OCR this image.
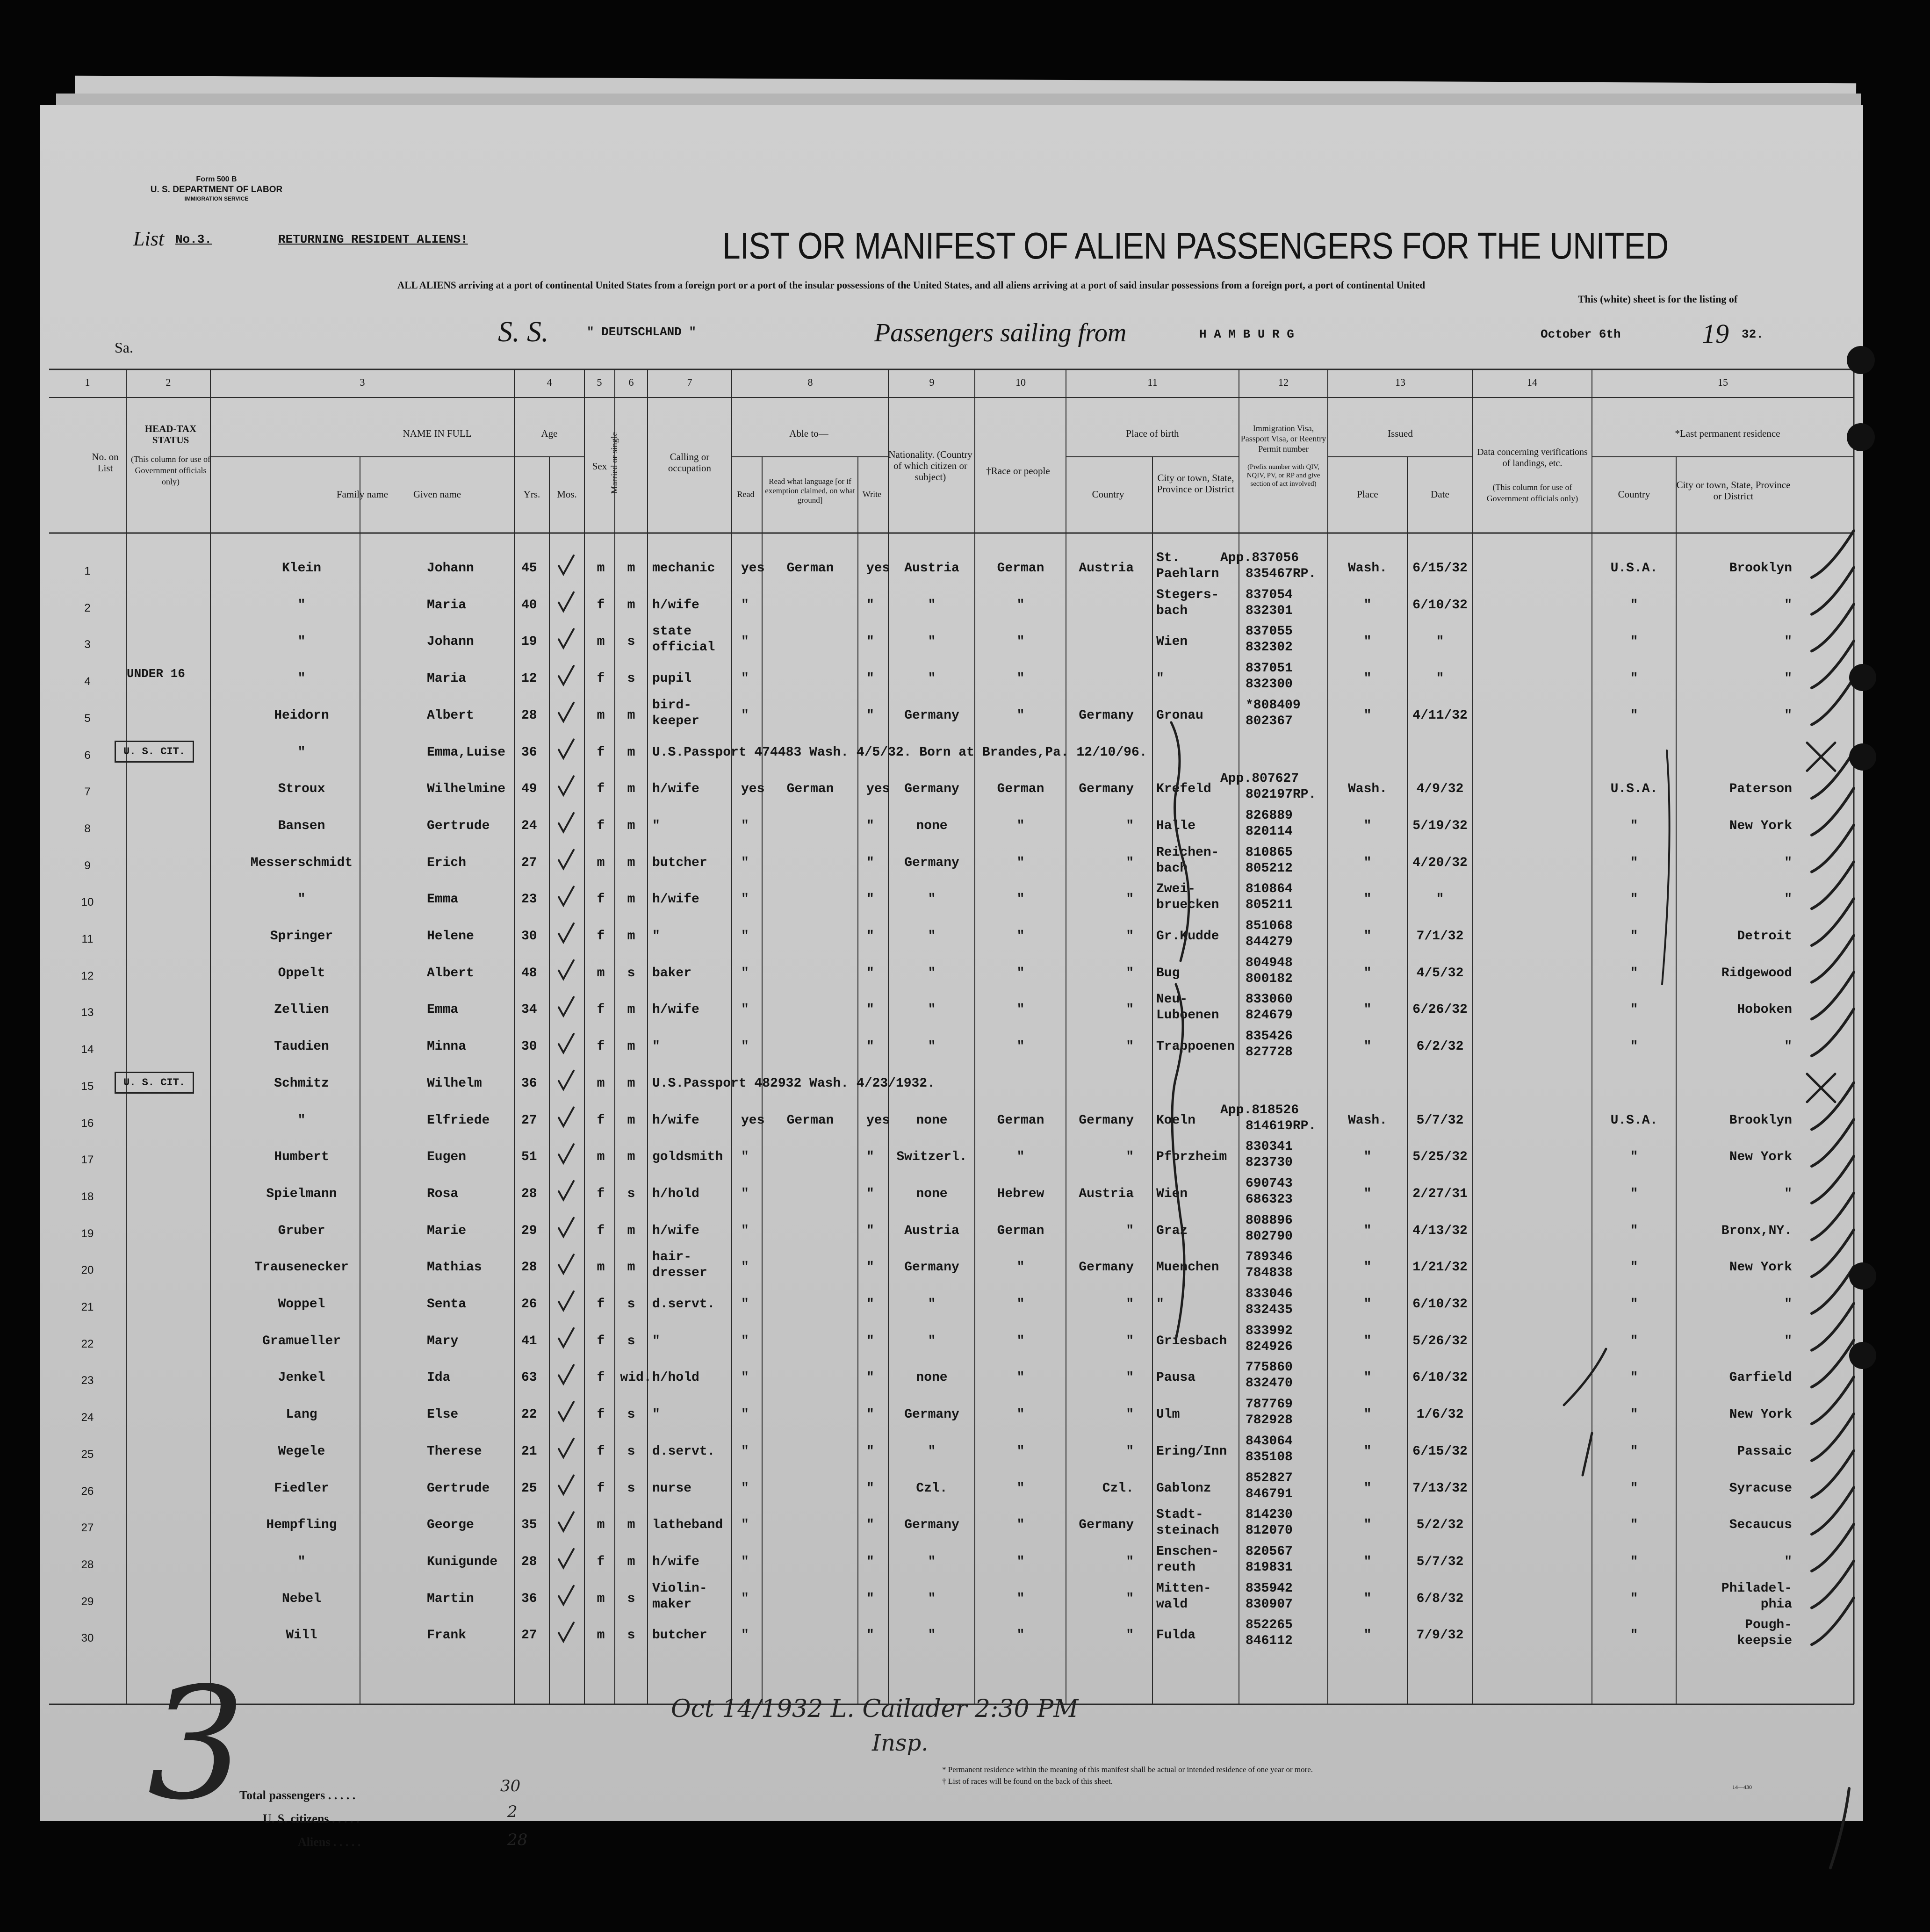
Form 500 B
U. S. DEPARTMENT OF LABOR
IMMIGRATION SERVICE
List No.3.	RETURNING RESIDENT ALIENS!	LIST OR MANIFEST OF ALIEN PASSENGERS FOR THE UNITED
ALL ALIENS arriving at a port of continental United States from a foreign port or a port of the insular possessions of the United States, and all aliens arriving at a port of said insular possessions from a foreign port, a port of continental United
This (white) sheet is for the listing of
Sa.	S. S.	" DEUTSCHLAND "	Passengers sailing from	H A M B U R G	October 6th	19 32.
1	2	3	4	5	6	7	8	9	10	11	12	13	14	15
No. on List
HEAD-TAX STATUS
(This column for use of Government officials only)
NAME IN FULL
Family name	Given name
Age
Yrs.	Mos.
Sex Married or single	Calling or occupation
Able to—
Read
Read what language [or if exemption claimed, on what ground]
Write
Nationality. (Country of which citizen or subject)
†Race or people
Place of birth
Country
City or town, State, Province or District
Immigration Visa, Passport Visa, or Reentry Permit number
(Prefix number with QIV, NQIV, PV, or RP and give section of act involved)
Issued
Place	Date
Data concerning verifications of landings, etc.
(This column for use of Government officials only)
*Last permanent residence
Country
City or town, State, Province or District
1	Klein	Johann	45	m	m	mechanic yes	German	yes	Austria	German	Austria
St.
Paehlarn
App.837056
835467RP.	Wash.	6/15/32	U.S.A.	Brooklyn
2	"	Maria	40	f	m	h/wife	"	"	"	"
Stegers-
bach
837054
832301	"	6/10/32	"	"
3	"	Johann	19	m	s
state
official "	"	"	"	Wien
837055
832302	"	"	"	"
4
UNDER 16	"	Maria	12	f	s	pupil	"	"	"	"	"
837051
832300	"	"	"	"
5	Heidorn	Albert	28	m	m
bird-
keeper	"	"	Germany	"	Germany Gronau
*808409
802367	"	4/11/32	"	"
6	U. S. CIT.	"	Emma,Luise 36	f	m	U.S.Passport 474483 Wash. 4/5/32. Born at Brandes,Pa. 12/10/96.
7	Stroux	Wilhelmine 49	f	m	h/wife	yes	German	yes	Germany	German	Germany Krefeld
App.807627
802197RP.	Wash.	4/9/32	U.S.A.	Paterson
8	Bansen	Gertrude 24	f	m	"	"	"	none	"	" Halle
826889
820114	"	5/19/32	"	New York
9	Messerschmidt	Erich	27	m	m	butcher	"	"	Germany	"	"
Reichen-
bach
810865
805212	"	4/20/32	"	"
10	"	Emma	23	f	m	h/wife	"	"	"	"	"
Zwei-
bruecken
810864
805211	"	"	"	"
11	Springer	Helene	30	f	m	"	"	"	"	"	" Gr.Kudde
851068
844279	"	7/1/32	"	Detroit
12	Oppelt	Albert	48	m	s	baker	"	"	"	"	" Bug
804948
800182	"	4/5/32	"	Ridgewood
13	Zellien	Emma	34	f	m	h/wife	"	"	"	"	"
Neu-
Luboenen
833060
824679	"	6/26/32	"	Hoboken
14	Taudien	Minna	30	f	m	"	"	"	"	"	" Trappoenen
835426
827728	"	6/2/32	"	"
15	U. S. CIT.	Schmitz	Wilhelm	36	m	m	U.S.Passport 482932 Wash. 4/23/1932.
16	"	Elfriede 27	f	m	h/wife	yes	German	yes	none	German	Germany Koeln
App.818526
814619RP.	Wash.	5/7/32	U.S.A.	Brooklyn
17	Humbert	Eugen	51	m	m	goldsmith "	"	Switzerl.	"	" Pforzheim
830341
823730	"	5/25/32	"	New York
18	Spielmann	Rosa	28	f	s	h/hold	"	"	none	Hebrew	Austria Wien
690743
686323	"	2/27/31	"	"
19	Gruber	Marie	29	f	m	h/wife	"	"	Austria	German	" Graz
808896
802790	"	4/13/32	"	Bronx,NY.
20	Trausenecker	Mathias	28	m	m
hair-
dresser	"	"	Germany	"	Germany Muenchen
789346
784838	"	1/21/32	"	New York
21	Woppel	Senta	26	f	s	d.servt. "	"	"	"	" "
833046
832435	"	6/10/32	"	"
22	Gramueller	Mary	41	f	s	"	"	"	"	"	" Griesbach
833992
824926	"	5/26/32	"	"
23	Jenkel	Ida	63	f	wid. h/hold	"	"	none	"	" Pausa
775860
832470	"	6/10/32	"	Garfield
24	Lang	Else	22	f	s	"	"	"	Germany	"	" Ulm
787769
782928	"	1/6/32	"	New York
25	Wegele	Therese	21	f	s	d.servt. "	"	"	"	" Ering/Inn
843064
835108	"	6/15/32	"	Passaic
26	Fiedler	Gertrude 25	f	s	nurse	"	"	Czl.	"	Czl. Gablonz
852827
846791	"	7/13/32	"	Syracuse
27	Hempfling	George	35	m	m	latheband "	"	Germany	"	Germany
Stadt-
steinach
814230
812070	"	5/2/32	"	Secaucus
28	"	Kunigunde 28	f	m	h/wife	"	"	"	"	"
Enschen-
reuth
820567
819831	"	5/7/32	"	"
29	Nebel	Martin	36	m	s
Violin-
maker	"	"	"	"	"
Mitten-
wald
835942
830907	"	6/8/32	"
Philadel-
phia
30	Will	Frank	27	m	s	butcher	"	"	"	"	" Fulda
852265
846112	"	7/9/32	"
Pough-
keepsie
Total passengers . . . . .
U. S. citizens . . . . .
Aliens . . . . .
30
2
28
3	Oct 14/1932 L. Cailader 2:30 PM
Insp.
* Permanent residence within the meaning of this manifest shall be actual or intended residence of one year or more.
† List of races will be found on the back of this sheet.
14—430
